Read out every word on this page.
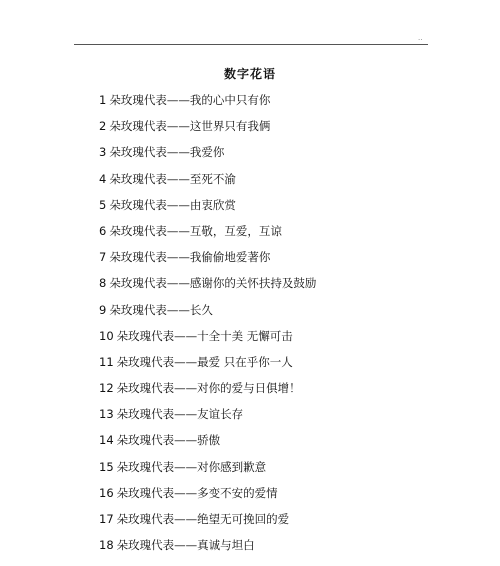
..
数字花语
1 朵玫瑰代表——我的心中只有你
2 朵玫瑰代表——这世界只有我俩
3 朵玫瑰代表——我爱你
4 朵玫瑰代表——至死不渝
5 朵玫瑰代表——由衷欣赏
6 朵玫瑰代表——互敬，互爱，互谅
7 朵玫瑰代表——我偷偷地爱著你
8 朵玫瑰代表——感谢你的关怀扶持及鼓励
9 朵玫瑰代表——长久
10 朵玫瑰代表——十全十美 无懈可击
11 朵玫瑰代表——最爱 只在乎你一人
12 朵玫瑰代表——对你的爱与日俱增！
13 朵玫瑰代表——友谊长存
14 朵玫瑰代表——骄傲
15 朵玫瑰代表——对你感到歉意
16 朵玫瑰代表——多变不安的爱情
17 朵玫瑰代表——绝望无可挽回的爱
18 朵玫瑰代表——真诚与坦白
